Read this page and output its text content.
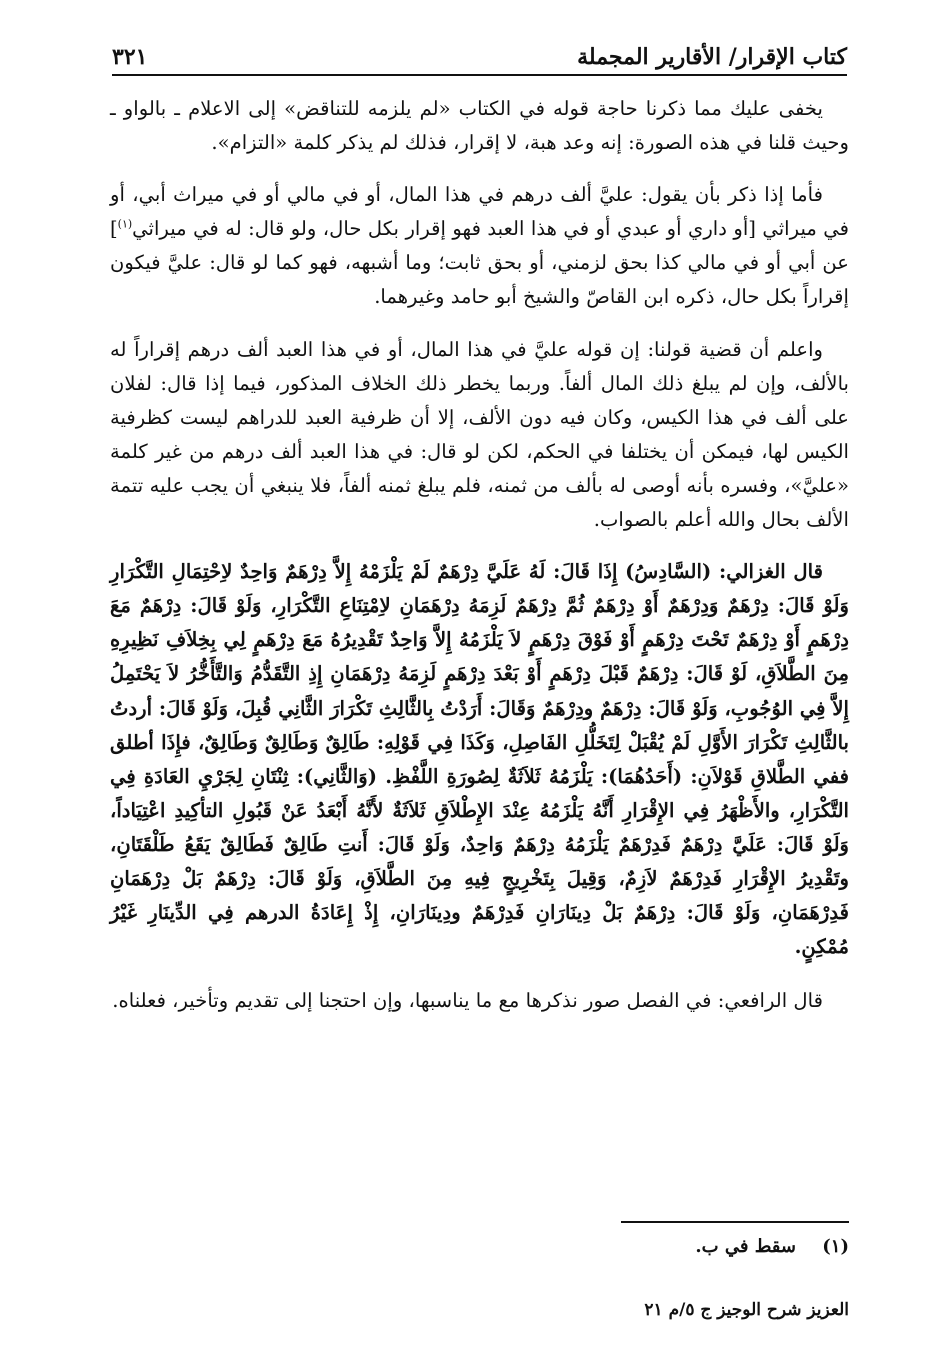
كتاب الإقرار/ الأقارير المجملة
٣٢١

يخفى عليك مما ذكرنا حاجة قوله في الكتاب «لم يلزمه للتناقض» إلى الاعلام ـ بالواو ـ وحيث قلنا في هذه الصورة: إنه وعد هبة، لا إقرار، فذلك لم يذكر كلمة «التزام».

فأما إذا ذكر بأن يقول: عليَّ ألف درهم في هذا المال، أو في مالي أو في ميراث أبي، أو في ميراثي [أو داري أو عبدي أو في هذا العبد فهو إقرار بكل حال، ولو قال: له في ميراثي$^{(١)}$] عن أبي أو في مالي كذا بحق لزمني، أو بحق ثابت؛ وما أشبهه، فهو كما لو قال: عليَّ فيكون إقراراً بكل حال، ذكره ابن القاصّ والشيخ أبو حامد وغيرهما.

واعلم أن قضية قولنا: إن قوله عليَّ في هذا المال، أو في هذا العبد ألف درهم إقراراً له بالألف، وإن لم يبلغ ذلك المال ألفاً. وربما يخطر ذلك الخلاف المذكور، فيما إذا قال: لفلان على ألف في هذا الكيس، وكان فيه دون الألف، إلا أن ظرفية العبد للدراهم ليست كظرفية الكيس لها، فيمكن أن يختلفا في الحكم، لكن لو قال: في هذا العبد ألف درهم من غير كلمة «عليَّ»، وفسره بأنه أوصى له بألف من ثمنه، فلم يبلغ ثمنه ألفاً، فلا ينبغي أن يجب عليه تتمة الألف بحال والله أعلم بالصواب.

قال الغزالي: (السَّادِسُ) إِذَا قَالَ: لَهُ عَلَيَّ دِرْهَمٌ لَمْ يَلْزَمْهُ إِلاَّ دِرْهَمٌ وَاحِدٌ لاِحْتِمَالِ التَّكْرَارِ وَلَوْ قَالَ: دِرْهَمٌ وَدِرْهَمٌ أَوْ دِرْهَمٌ ثُمَّ دِرْهَمٌ لَزِمَهُ دِرْهَمَانِ لاِمْتِنَاعِ التَّكْرَارِ، وَلَوْ قَالَ: دِرْهَمٌ مَعَ دِرْهَمٍ أَوْ دِرْهَمٌ تَحْتَ دِرْهَمٍ أَوْ فَوْقَ دِرْهَمٍ لاَ يَلْزَمُهُ إِلاَّ وَاحِدٌ تَقْدِيرُهُ مَعَ دِرْهَمٍ لِي بِخِلاَفِ نَظِيرِهِ مِنَ الطَّلاَقِ، لَوْ قَالَ: دِرْهَمٌ قَبْلَ دِرْهَمٍ أَوْ بَعْدَ دِرْهَمٍ لَزِمَهُ دِرْهَمَانِ إِذِ التَّقَدُّمُ وَالتَّأَخُّرُ لاَ يَحْتَمِلُ إِلاَّ فِي الوُجُوبِ، وَلَوْ قَالَ: دِرْهَمٌ ودِرْهَمٌ وَقَالَ: أَرَدْتُ بِالثَّالِثِ تَكْرَارَ الثَّانِي قُبِلَ، وَلَوْ قَالَ: أردتُ بالثَّالِثِ تَكْرَارَ الأَوَّلِ لَمْ يُقْبَلْ لِتَخَلُّلِ الفَاصِلِ، وَكَذَا فِي قَوْلِهِ: طَالِقٌ وَطَالِقٌ وَطَالِقٌ، فإِذَا أطلق ففي الطَّلاقِ قَوْلاَنِ: (أَحَدُهُمَا): يَلْزَمُهُ ثَلاَثَةٌ لِصُورَةِ اللَّفْظِ. (وَالثَّانِي): ثِنْتَانِ لِجَرْيِ العَادَةِ فِي التَّكْرَارِ، والأَظْهَرُ فِي الإِقْرَارِ أَنَّهُ يَلْزَمُهُ عِنْدَ الإِطْلاَقِ ثَلاَثَةٌ لأَنَّهُ أَبْعَدُ عَنْ قَبُولِ التأكِيدِ اعْتِيَاداً، وَلَوْ قَالَ: عَلَيَّ دِرْهَمٌ فَدِرْهَمٌ يَلْزَمُهُ دِرْهَمٌ وَاحِدٌ، وَلَوْ قَالَ: أَنتِ طَالِقٌ فَطَالِقٌ يَقَعُ طَلْقَتَانِ، وتَقْدِيرُ الإِقْرَارِ فَدِرْهَمٌ لاَزِمٌ، وَقِيلَ بِتَخْرِيجٍ فِيهِ مِنَ الطَّلاَقِ، وَلَوْ قَالَ: دِرْهَمٌ بَلْ دِرْهَمَانِ فَدِرْهَمَانِ، وَلَوْ قَالَ: دِرْهَمٌ بَلْ دِينَارَانِ فَدِرْهَمٌ ودِينَارَانِ، إِذْ إِعَادَةُ الدرهم فِي الدِّينَارِ غَيْرُ مُمْكِنٍ.

قال الرافعي: في الفصل صور نذكرها مع ما يناسبها، وإن احتجنا إلى تقديم وتأخير، فعلناه.

(١) سقط في ب.
العزيز شرح الوجيز ج ٥/م ٢١
